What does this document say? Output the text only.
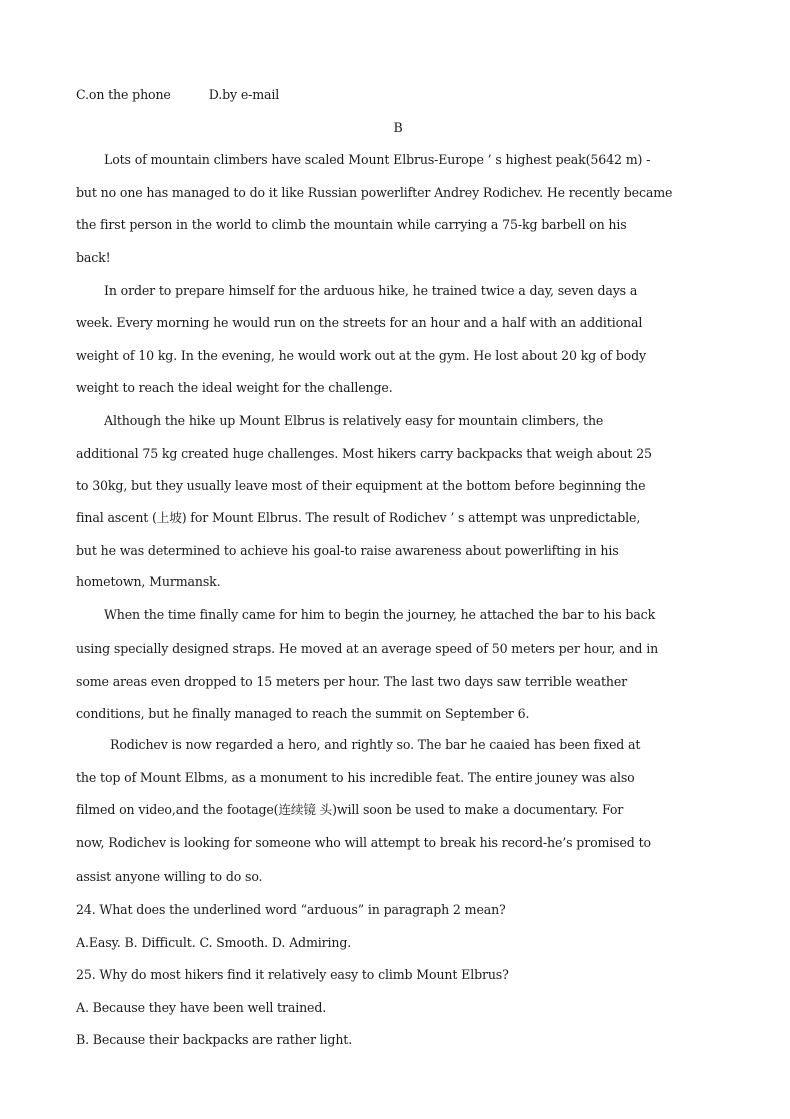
C.on the phone	D.by e-mail
B
Lots of mountain climbers have scaled Mount Elbrus-Europe ’ s highest peak(5642 m) -
but no one has managed to do it like Russian powerlifter Andrey Rodichev. He recently became
the first person in the world to climb the mountain while carrying a 75-kg barbell on his
back!
In order to prepare himself for the arduous hike, he trained twice a day, seven days a
week. Every morning he would run on the streets for an hour and a half with an additional
weight of 10 kg. In the evening, he would work out at the gym. He lost about 20 kg of body
weight to reach the ideal weight for the challenge.
Although the hike up Mount Elbrus is relatively easy for mountain climbers, the
additional 75 kg created huge challenges. Most hikers carry backpacks that weigh about 25
to 30kg, but they usually leave most of their equipment at the bottom before beginning the
final ascent (上坡) for Mount Elbrus. The result of Rodichev ’ s attempt was unpredictable,
but he was determined to achieve his goal-to raise awareness about powerlifting in his
hometown, Murmansk.
When the time finally came for him to begin the journey, he attached the bar to his back
using specially designed straps. He moved at an average speed of 50 meters per hour, and in
some areas even dropped to 15 meters per hour. The last two days saw terrible weather
conditions, but he finally managed to reach the summit on September 6.
Rodichev is now regarded a hero, and rightly so. The bar he caaied has been fixed at
the top of Mount Elbms, as a monument to his incredible feat. The entire jouney was also
filmed on video,and the footage(连续镜 头)will soon be used to make a documentary. For
now, Rodichev is looking for someone who will attempt to break his record-he’s promised to
assist anyone willing to do so.
24. What does the underlined word “arduous” in paragraph 2 mean?
A.Easy. B. Difficult. C. Smooth. D. Admiring.
25. Why do most hikers find it relatively easy to climb Mount Elbrus?
A. Because they have been well trained.
B. Because their backpacks are rather light.
